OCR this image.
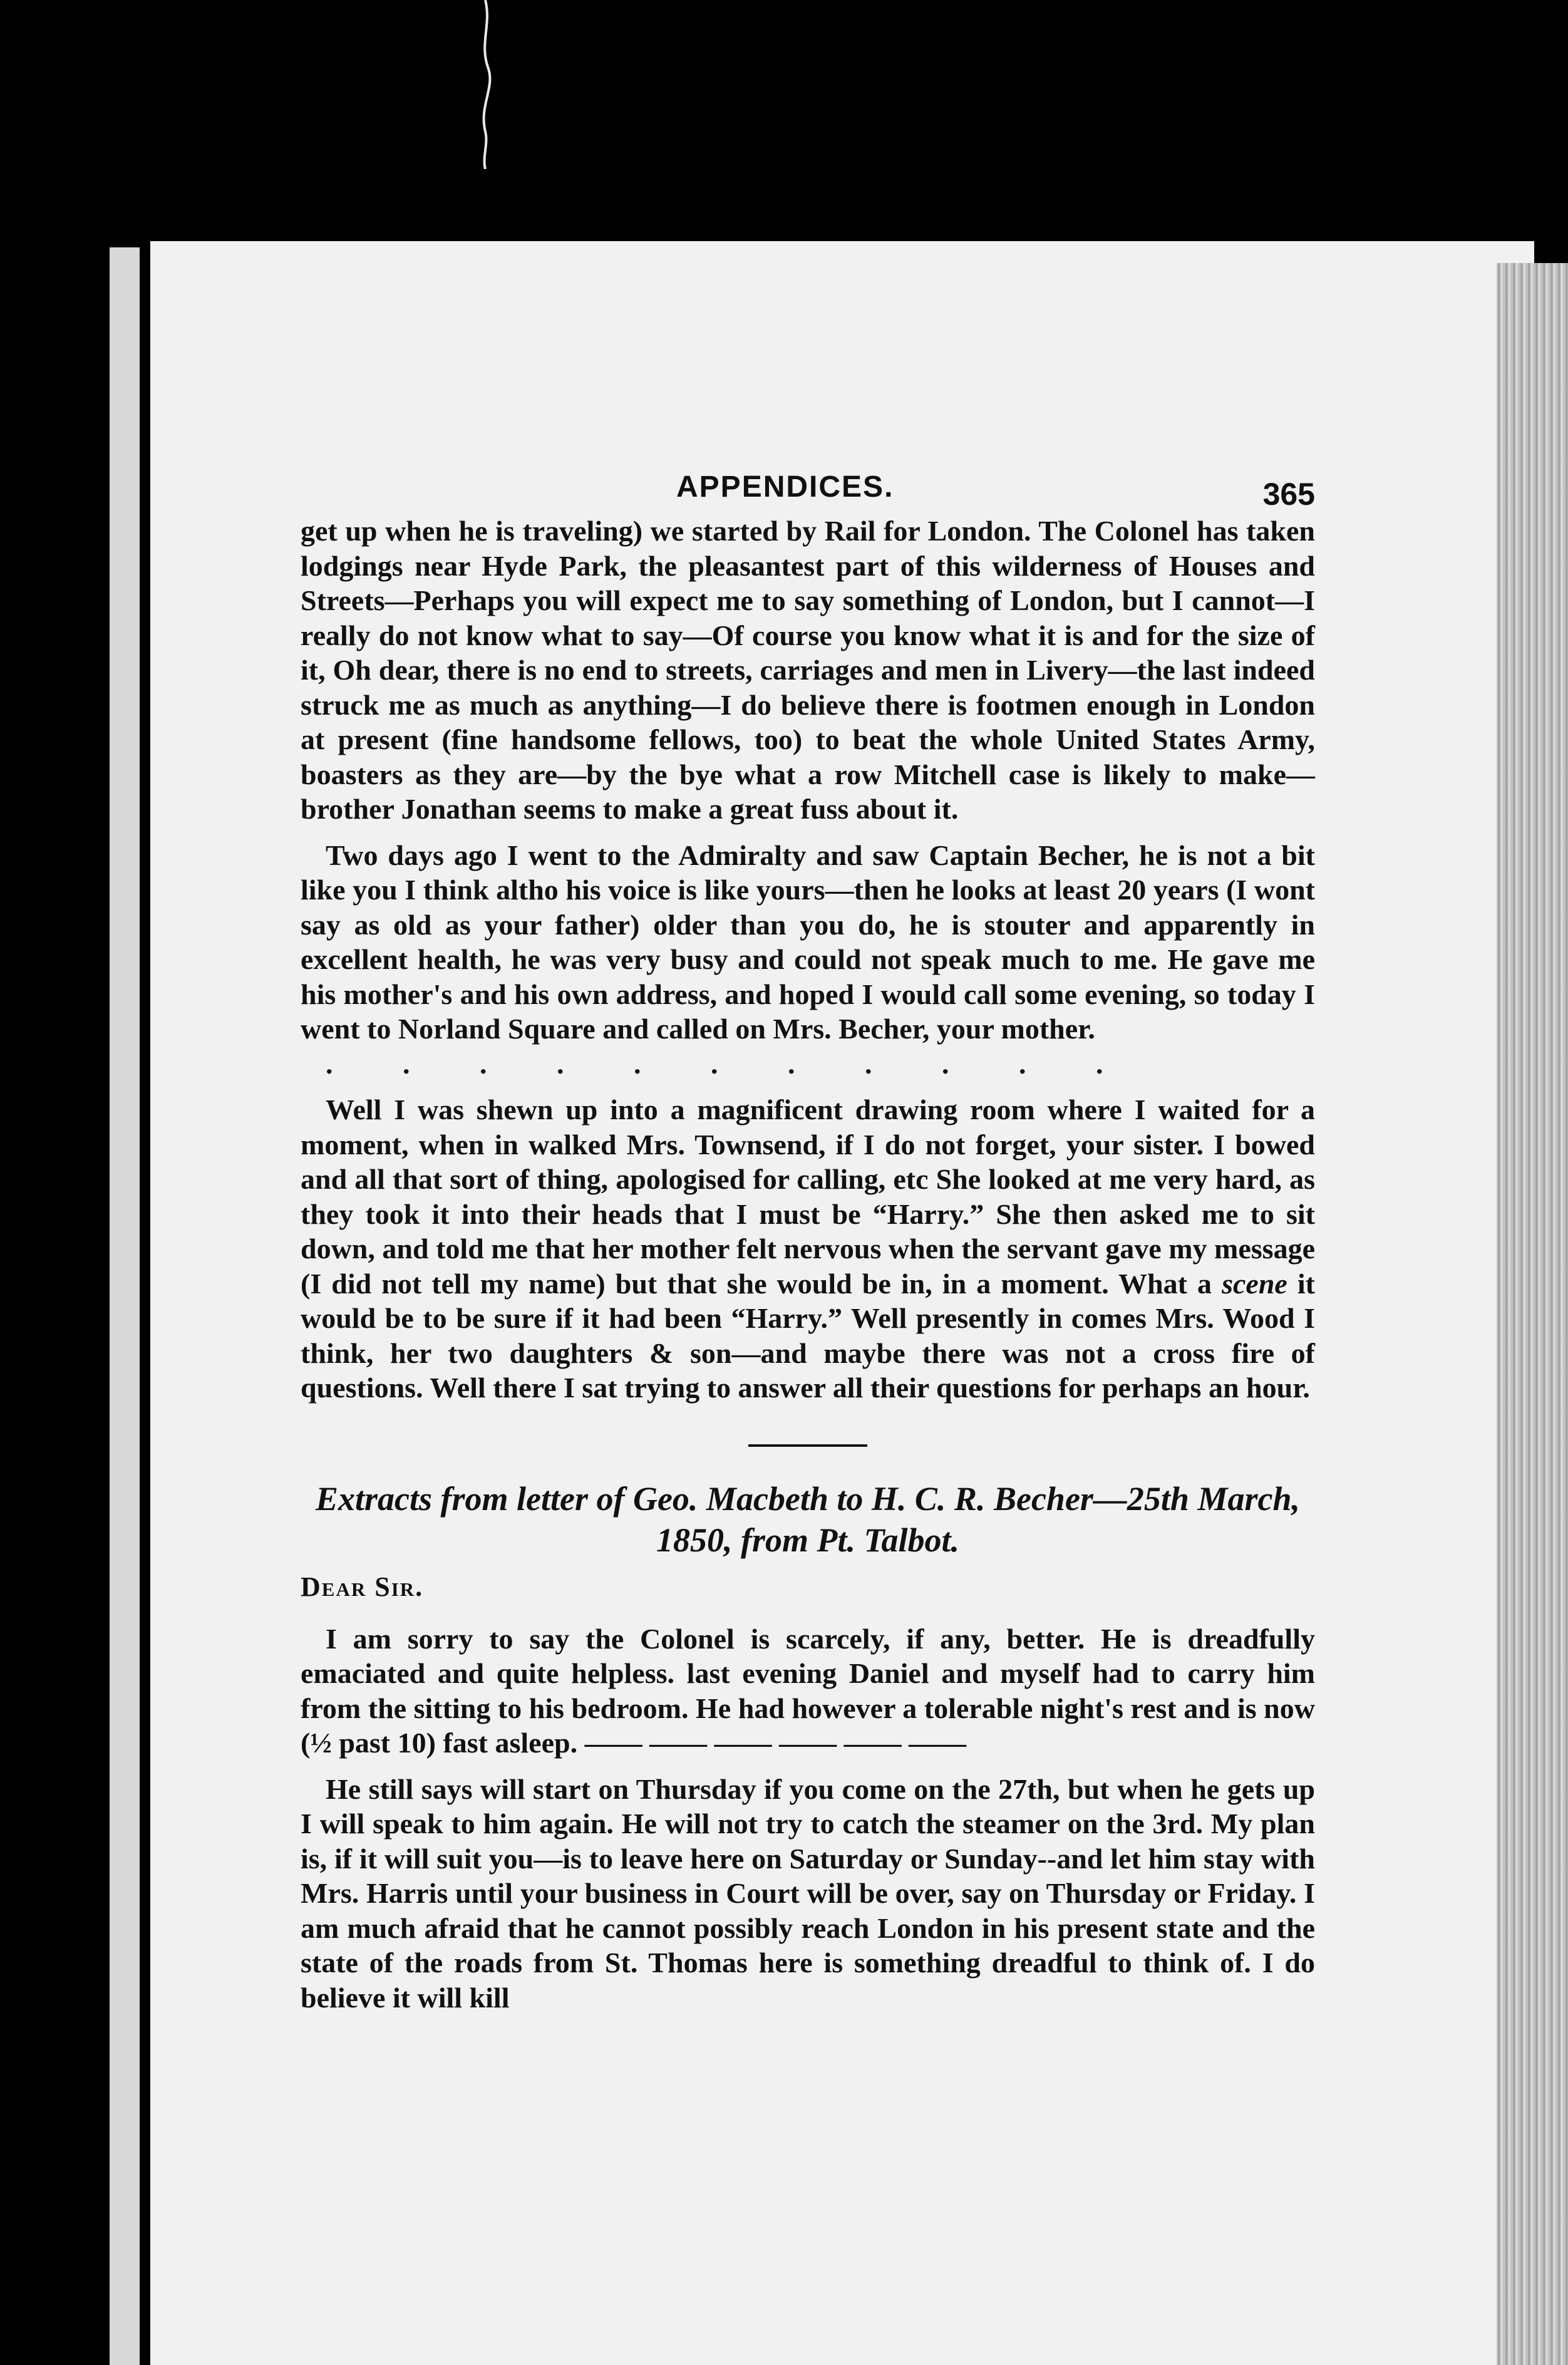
APPENDICES.	365

get up when he is traveling) we started by Rail for London. The Colonel has taken lodgings near Hyde Park, the pleasantest part of this wilderness of Houses and Streets—Perhaps you will expect me to say something of London, but I cannot—I really do not know what to say—Of course you know what it is and for the size of it, Oh dear, there is no end to streets, carriages and men in Livery—the last indeed struck me as much as anything—I do believe there is footmen enough in London at present (fine handsome fellows, too) to beat the whole United States Army, boasters as they are—by the bye what a row Mitchell case is likely to make—brother Jonathan seems to make a great fuss about it.

Two days ago I went to the Admiralty and saw Captain Becher, he is not a bit like you I think altho his voice is like yours—then he looks at least 20 years (I wont say as old as your father) older than you do, he is stouter and apparently in excellent health, he was very busy and could not speak much to me. He gave me his mother's and his own address, and hoped I would call some evening, so today I went to Norland Square and called on Mrs. Becher, your mother.
. . . . . . . . . . .

Well I was shewn up into a magnificent drawing room where I waited for a moment, when in walked Mrs. Townsend, if I do not forget, your sister. I bowed and all that sort of thing, apologised for calling, etc She looked at me very hard, as they took it into their heads that I must be “Harry.” She then asked me to sit down, and told me that her mother felt nervous when the servant gave my message (I did not tell my name) but that she would be in, in a moment. What a scene it would be to be sure if it had been “Harry.” Well presently in comes Mrs. Wood I think, her two daughters & son—and maybe there was not a cross fire of questions. Well there I sat trying to answer all their questions for perhaps an hour.

Extracts from letter of Geo. Macbeth to H. C. R. Becher—25th March, 1850, from Pt. Talbot.

Dear Sir.

I am sorry to say the Colonel is scarcely, if any, better. He is dreadfully emaciated and quite helpless. last evening Daniel and myself had to carry him from the sitting to his bedroom. He had however a tolerable night's rest and is now (½ past 10) fast asleep. —— —— —— —— —— ——

He still says will start on Thursday if you come on the 27th, but when he gets up I will speak to him again. He will not try to catch the steamer on the 3rd. My plan is, if it will suit you—is to leave here on Saturday or Sunday--and let him stay with Mrs. Harris until your business in Court will be over, say on Thursday or Friday. I am much afraid that he cannot possibly reach London in his present state and the state of the roads from St. Thomas here is something dreadful to think of. I do believe it will kill
